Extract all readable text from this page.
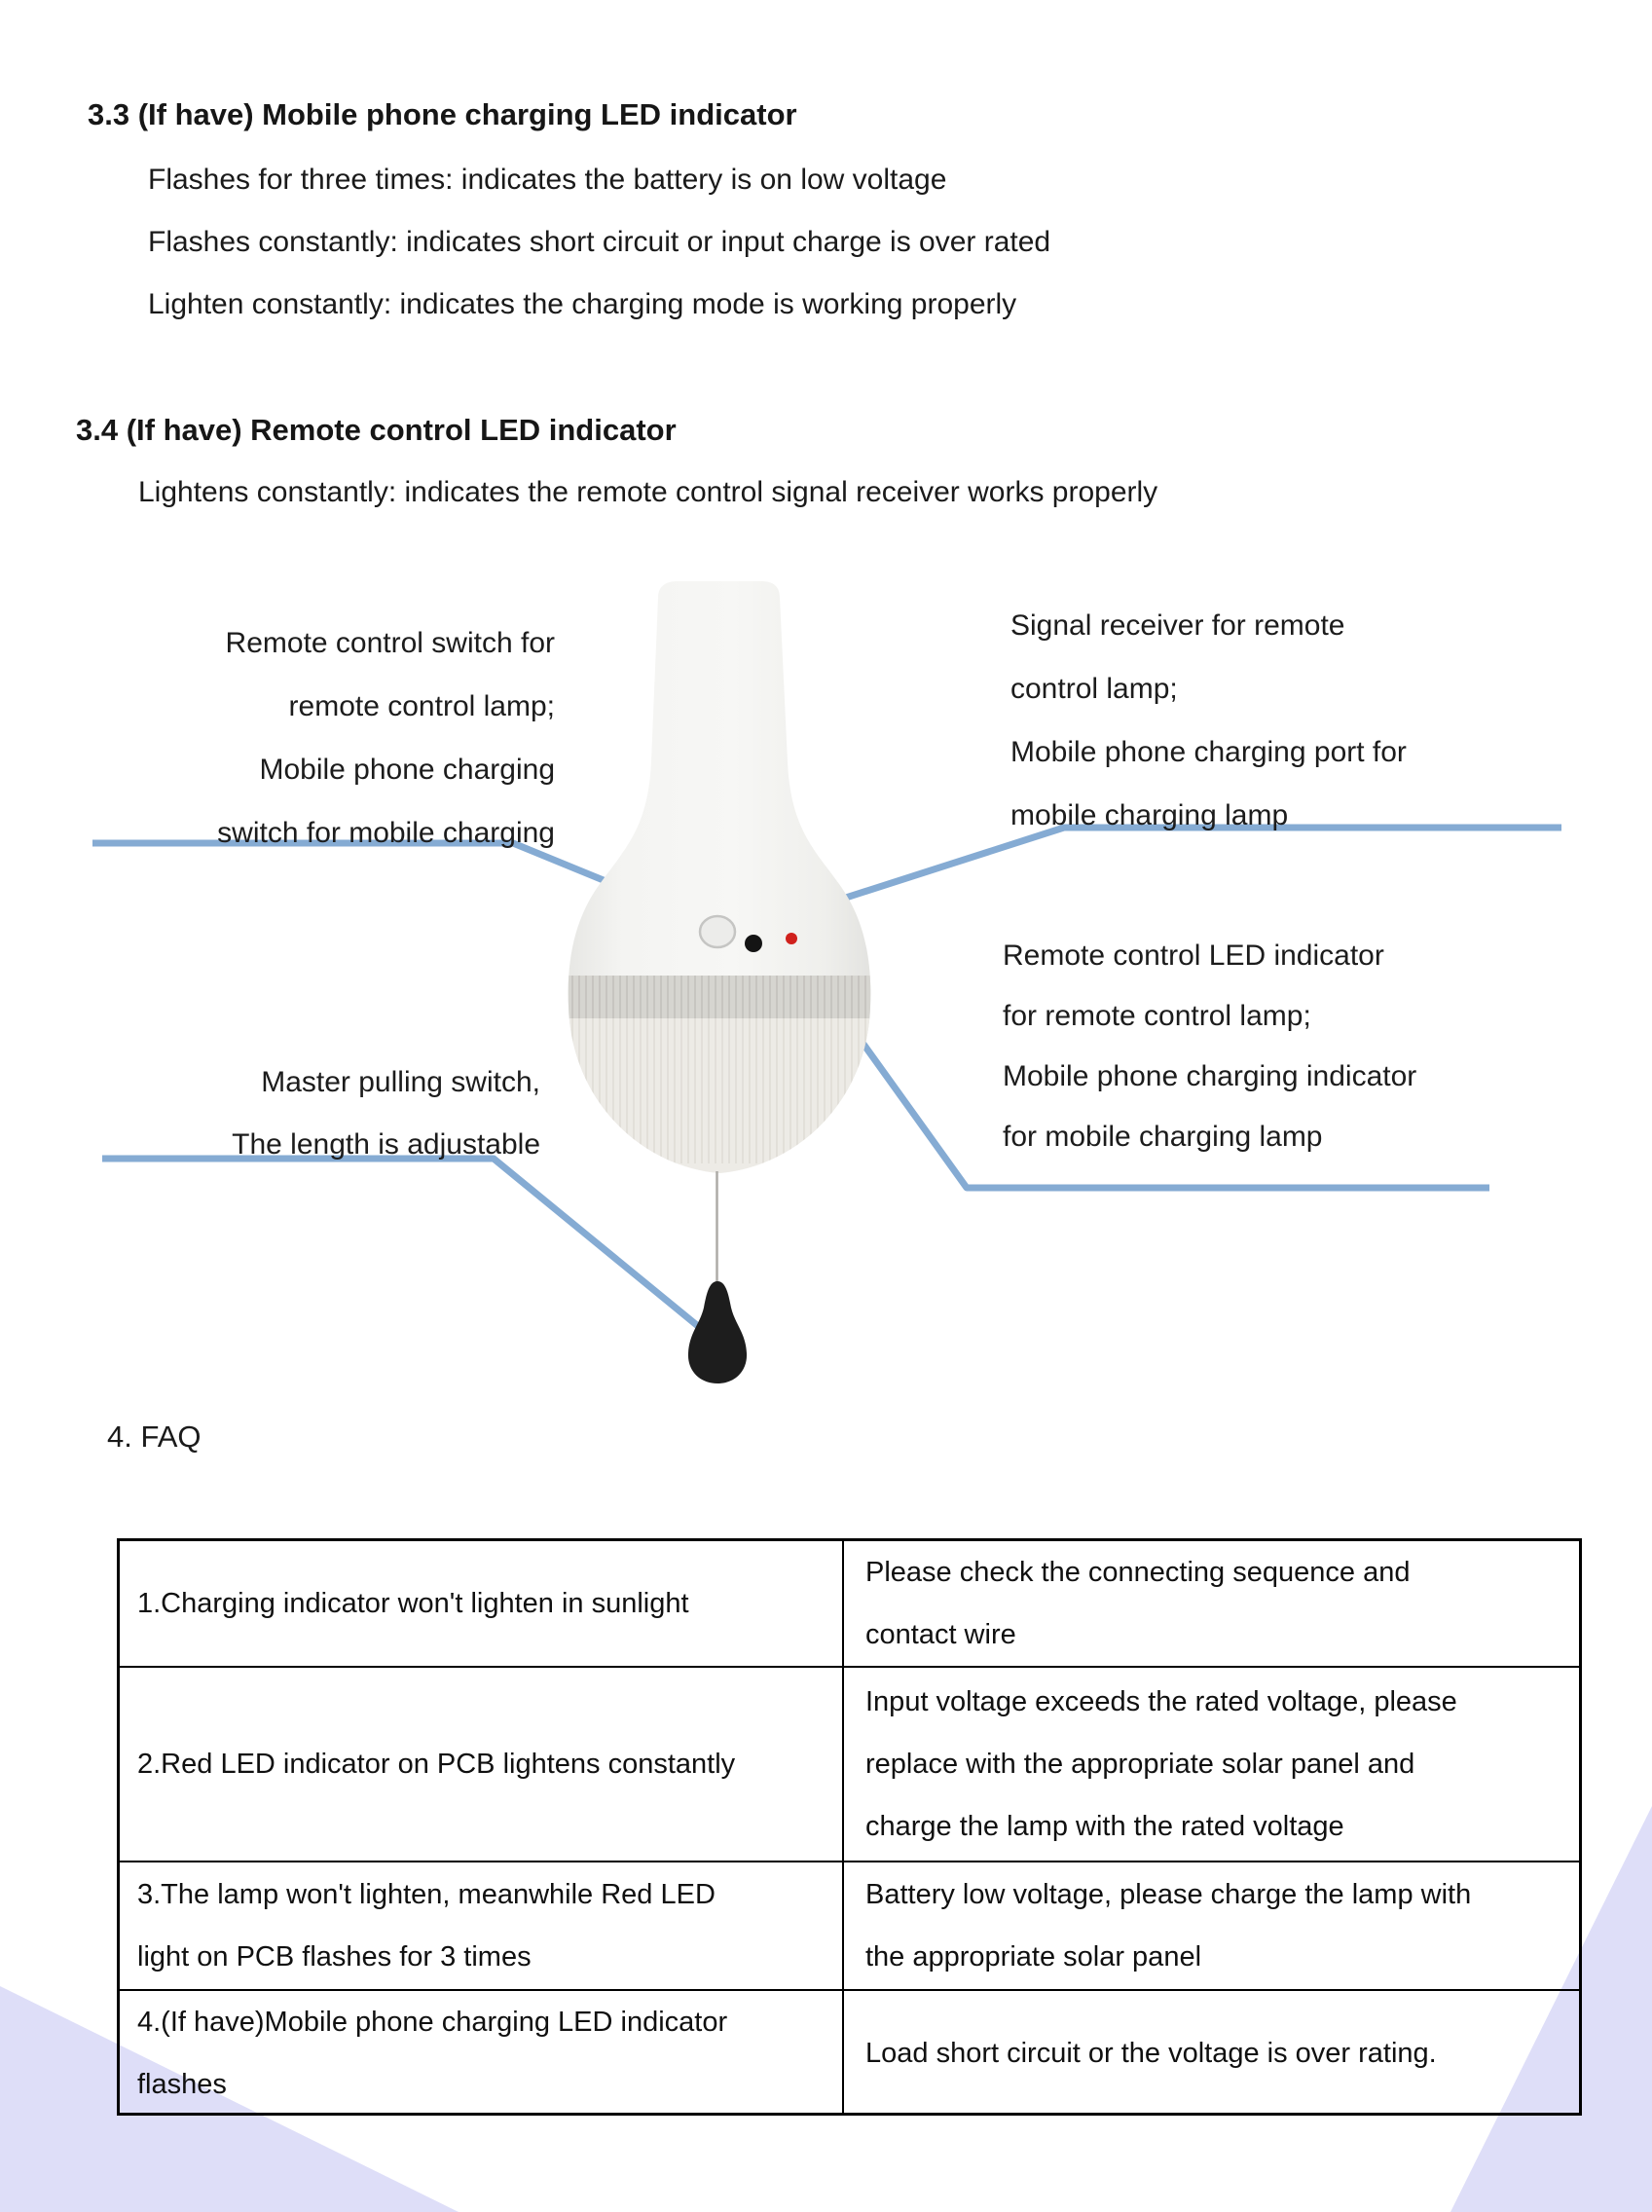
3.3 (If have) Mobile phone charging LED indicator
Flashes for three times: indicates the battery is on low voltage
Flashes constantly: indicates short circuit or input charge is over rated
Lighten constantly: indicates the charging mode is working properly
3.4 (If have) Remote control LED indicator
Lightens constantly: indicates the remote control signal receiver works properly
Remote control switch for
remote control lamp;
Mobile phone charging
switch for mobile charging
Signal receiver for remote
control lamp;
Mobile phone charging port for
mobile charging lamp
Remote control LED indicator
for remote control lamp;
Mobile phone charging indicator
for mobile charging lamp
Master pulling switch,
The length is adjustable
4. FAQ
1.Charging indicator won't lighten in sunlight
Please check the connecting sequence and
contact wire
2.Red LED indicator on PCB lightens constantly
Input voltage exceeds the rated voltage, please
replace with the appropriate solar panel and
charge the lamp with the rated voltage
3.The lamp won't lighten, meanwhile Red LED
light on PCB flashes for 3 times
Battery low voltage, please charge the lamp with
the appropriate solar panel
4.(If have)Mobile phone charging LED indicator
flashes
Load short circuit or the voltage is over rating.
